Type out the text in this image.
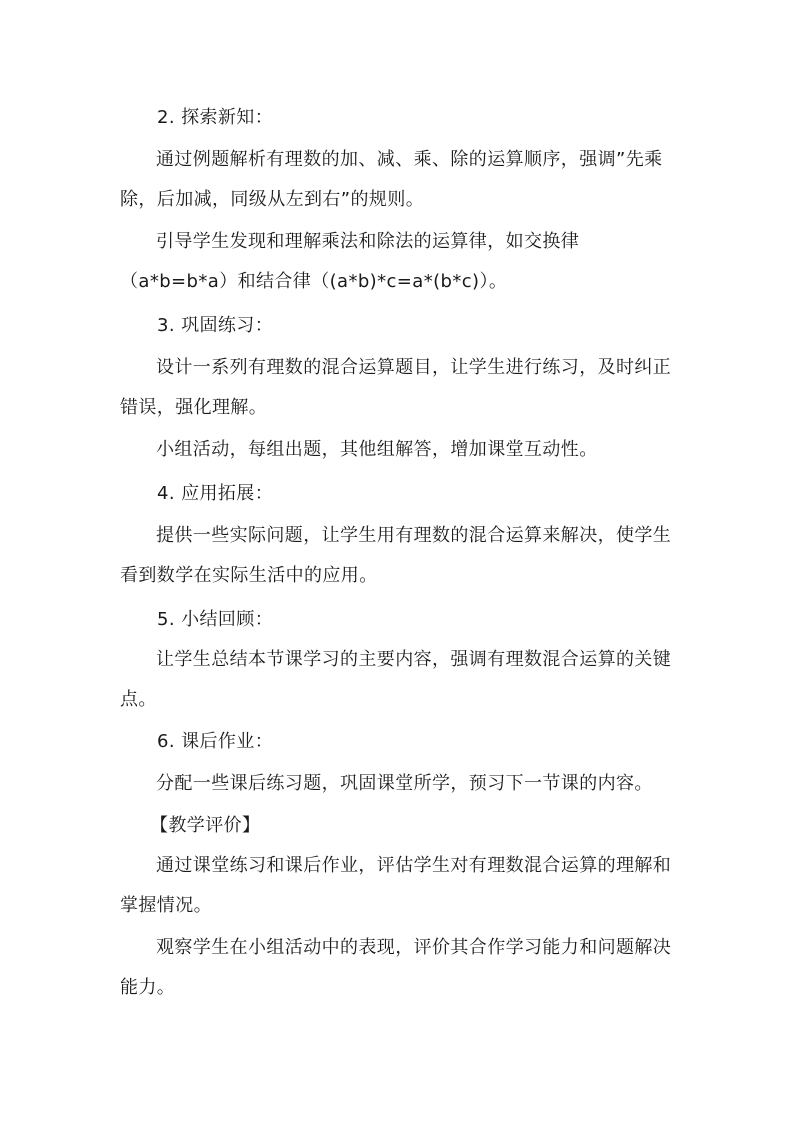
2. 探索新知：

通过例题解析有理数的加、减、乘、除的运算顺序，强调”先乘除，后加减，同级从左到右”的规则。

引导学生发现和理解乘法和除法的运算律，如交换律（a*b=b*a）和结合律（(a*b)*c=a*(b*c)）。

3. 巩固练习：

设计一系列有理数的混合运算题目，让学生进行练习，及时纠正错误，强化理解。

小组活动，每组出题，其他组解答，增加课堂互动性。

4. 应用拓展：

提供一些实际问题，让学生用有理数的混合运算来解决，使学生看到数学在实际生活中的应用。

5. 小结回顾：

让学生总结本节课学习的主要内容，强调有理数混合运算的关键点。

6. 课后作业：

分配一些课后练习题，巩固课堂所学，预习下一节课的内容。

【教学评价】

通过课堂练习和课后作业，评估学生对有理数混合运算的理解和掌握情况。

观察学生在小组活动中的表现，评价其合作学习能力和问题解决能力。
